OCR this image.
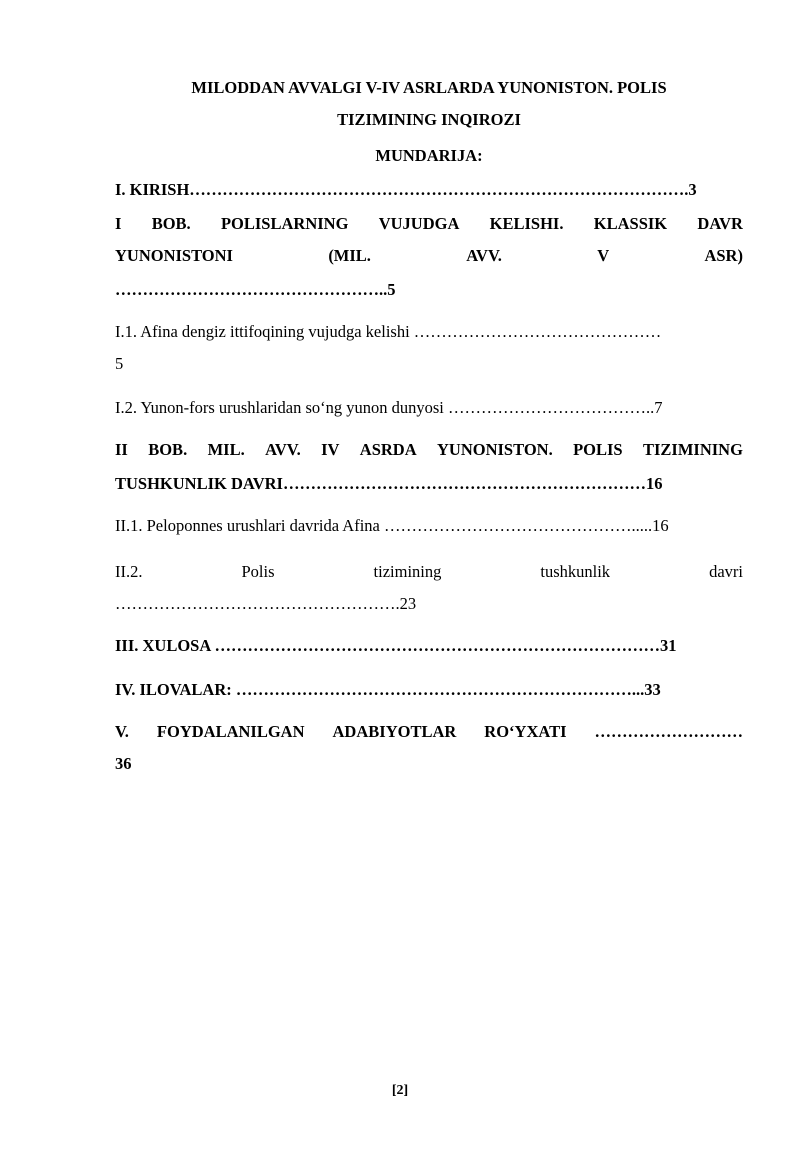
MILODDAN AVVALGI V-IV ASRLARDA YUNONISTON. POLIS
TIZIMINING INQIROZI
MUNDARIJA:
I. KIRISH……………………………………………………………………………….3
I BOB. POLISLARNING VUJUDGA KELISHI. KLASSIK DAVR
YUNONISTONI	(MIL.	AVV.	V	ASR)
…………………………………………..5
I.1. Afina dengiz ittifoqining vujudga kelishi ………………………………………
5
I.2. Yunon-fors urushlaridan so‘ng yunon dunyosi ………………………………..7
II BOB. MIL. AVV. IV ASRDA YUNONISTON. POLIS TIZIMINING
TUSHKUNLIK DAVRI…………………………………………………………16
II.1. Peloponnes urushlari davrida Afina ……………………………………….....16
II.2.	Polis	tizimining	tushkunlik	davri
…………………………………………….23
III. XULOSA ………………………………………………………………………31
IV. ILOVALAR: ………………………………………………………………...33
V. FOYDALANILGAN ADABIYOTLAR RO‘YXATI ………………………
36
[2]
